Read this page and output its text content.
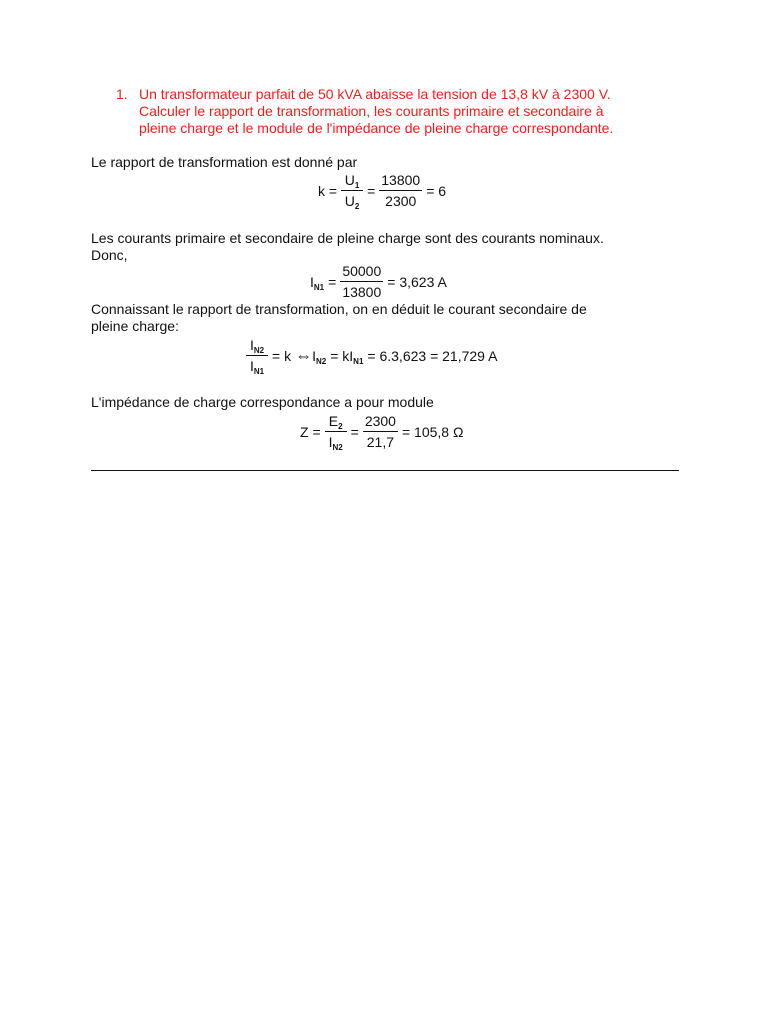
1. Un transformateur parfait de 50 kVA abaisse la tension de 13,8 kV à 2300 V.
Calculer le rapport de transformation, les courants primaire et secondaire à
pleine charge et le module de l'impédance de pleine charge correspondante.
Le rapport de transformation est donné par
$k = \frac{U_1}{U_2} = \frac{13800}{2300} = 6$
Les courants primaire et secondaire de pleine charge sont des courants nominaux.
Donc,
$I_{N1} = \frac{50000}{13800} = 3,623$ A
Connaissant le rapport de transformation, on en déduit le courant secondaire de
pleine charge:
$\frac{I_{N2}}{I_{N1}} = k$ ⇔ $I_{N2} = kI_{N1} = 6.3,623 = 21,729$ A
L'impédance de charge correspondance a pour module
$Z = \frac{E_2}{I_{N2}} = \frac{2300}{21,7} = 105,8$ Ω
